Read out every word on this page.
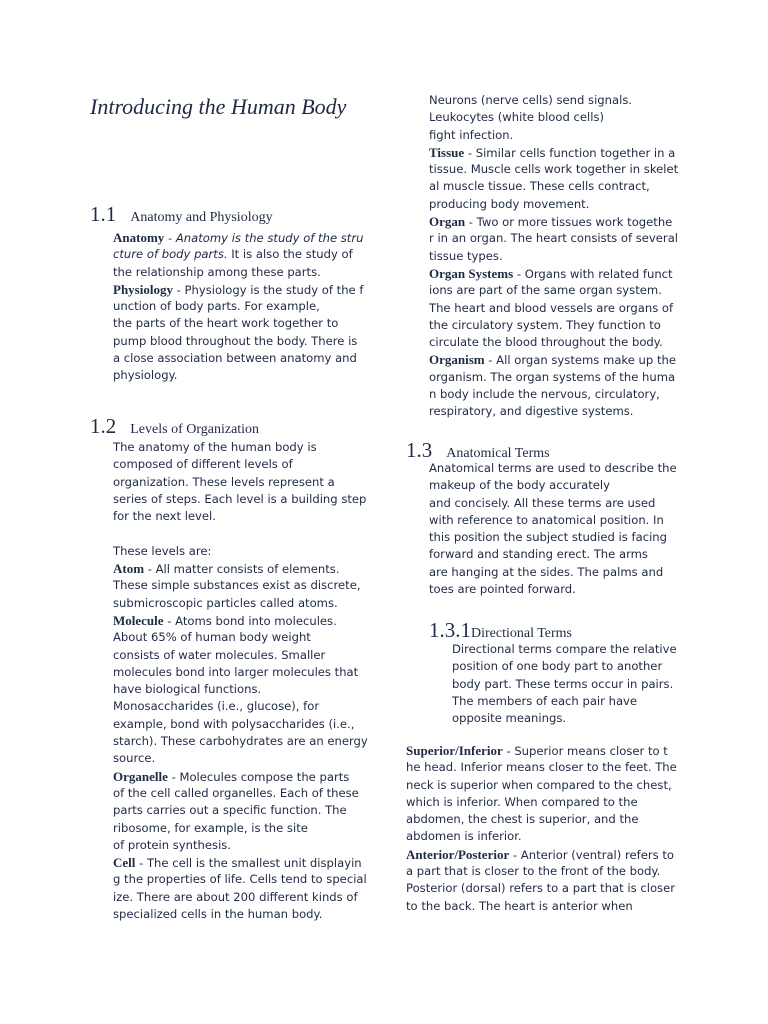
Introducing the Human Body
1.1 Anatomy and Physiology
Anatomy - Anatomy is the study of the stru
cture of body parts. It is also the study of
the relationship among these parts.
Physiology - Physiology is the study of the f
unction of body parts. For example,
the parts of the heart work together to
pump blood throughout the body. There is
a close association between anatomy and
physiology.
1.2 Levels of Organization
The anatomy of the human body is
composed of different levels of
organization. These levels represent a
series of steps. Each level is a building step
for the next level.
These levels are:
Atom - All matter consists of elements.
These simple substances exist as discrete,
submicroscopic particles called atoms.
Molecule - Atoms bond into molecules.
About 65% of human body weight
consists of water molecules. Smaller
molecules bond into larger molecules that
have biological functions.
Monosaccharides (i.e., glucose), for
example, bond with polysaccharides (i.e.,
starch). These carbohydrates are an energy
source.
Organelle - Molecules compose the parts
of the cell called organelles. Each of these
parts carries out a specific function. The
ribosome, for example, is the site
of protein synthesis.
Cell - The cell is the smallest unit displayin
g the properties of life. Cells tend to special
ize. There are about 200 different kinds of
specialized cells in the human body.
Neurons (nerve cells) send signals.
Leukocytes (white blood cells)
fight infection.
Tissue - Similar cells function together in a
tissue. Muscle cells work together in skelet
al muscle tissue. These cells contract,
producing body movement.
Organ - Two or more tissues work togethe
r in an organ. The heart consists of several
tissue types.
Organ Systems - Organs with related funct
ions are part of the same organ system.
The heart and blood vessels are organs of
the circulatory system. They function to
circulate the blood throughout the body.
Organism - All organ systems make up the
organism. The organ systems of the huma
n body include the nervous, circulatory,
respiratory, and digestive systems.
1.3 Anatomical Terms
Anatomical terms are used to describe the
makeup of the body accurately
and concisely. All these terms are used
with reference to anatomical position. In
this position the subject studied is facing
forward and standing erect. The arms
are hanging at the sides. The palms and
toes are pointed forward.
1.3.1Directional Terms
Directional terms compare the relative
position of one body part to another
body part. These terms occur in pairs.
The members of each pair have
opposite meanings.
Superior/Inferior - Superior means closer to t
he head. Inferior means closer to the feet. The
neck is superior when compared to the chest,
which is inferior. When compared to the
abdomen, the chest is superior, and the
abdomen is inferior.
Anterior/Posterior - Anterior (ventral) refers to
a part that is closer to the front of the body.
Posterior (dorsal) refers to a part that is closer
to the back. The heart is anterior when
